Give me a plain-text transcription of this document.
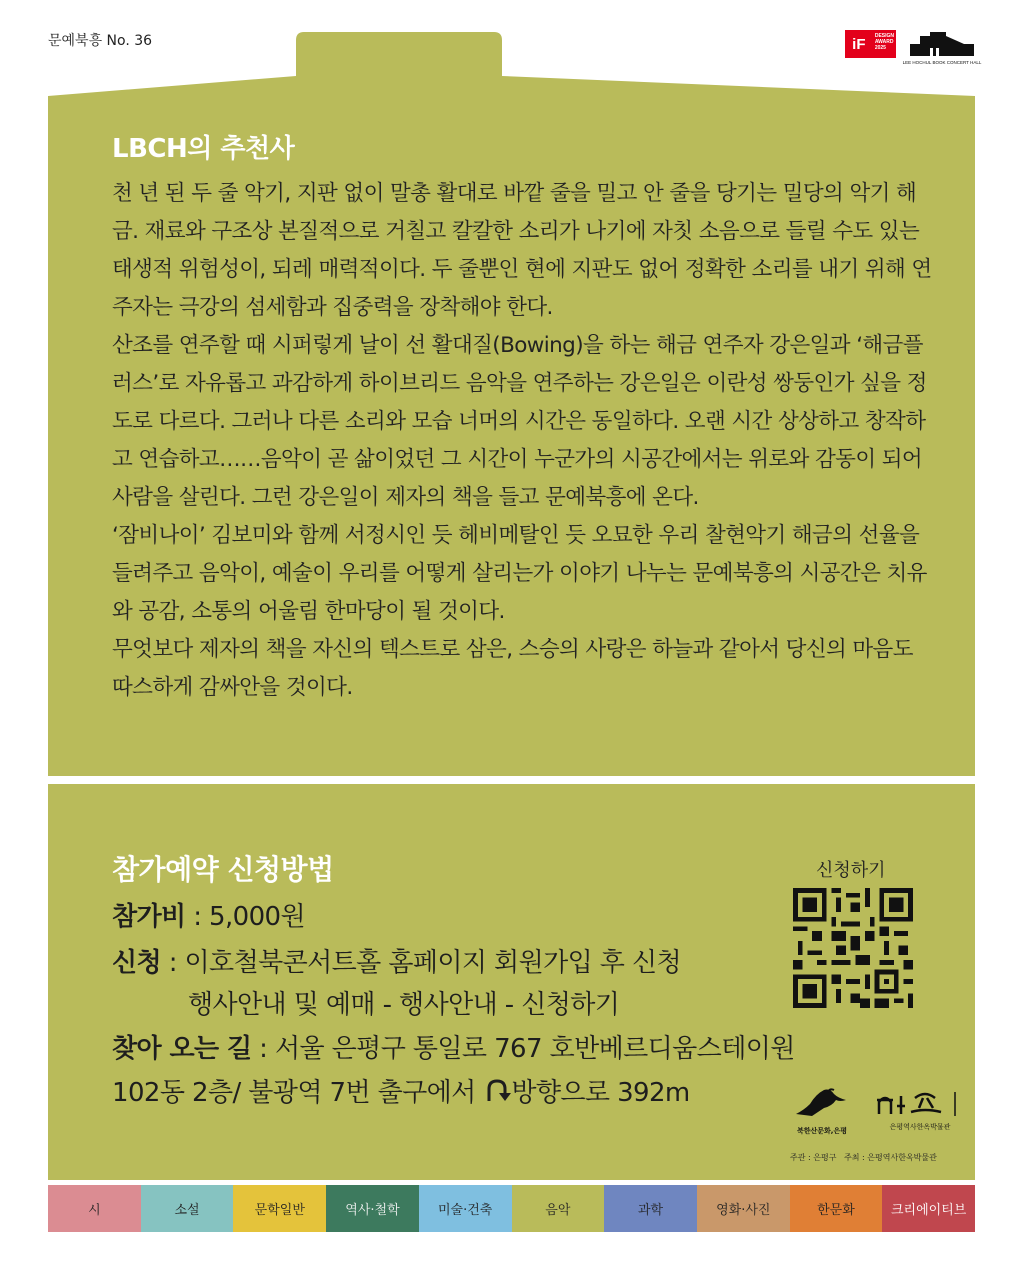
문예북흥 No. 36	iF	DESIGN
AWARD
2025
LEE HOCHUL BOOK CONCERT HALL
LBCH의 추천사

천 년 된 두 줄 악기, 지판 없이 말총 활대로 바깥 줄을 밀고 안 줄을 당기는 밀당의 악기 해금. 재료와 구조상 본질적으로 거칠고 칼칼한 소리가 나기에 자칫 소음으로 들릴 수도 있는 태생적 위험성이, 되레 매력적이다. 두 줄뿐인 현에 지판도 없어 정확한 소리를 내기 위해 연주자는 극강의 섬세함과 집중력을 장착해야 한다.

산조를 연주할 때 시퍼렇게 날이 선 활대질(Bowing)을 하는 해금 연주자 강은일과 ‘해금플러스’로 자유롭고 과감하게 하이브리드 음악을 연주하는 강은일은 이란성 쌍둥인가 싶을 정도로 다르다. 그러나 다른 소리와 모습 너머의 시간은 동일하다. 오랜 시간 상상하고 창작하고 연습하고……음악이 곧 삶이었던 그 시간이 누군가의 시공간에서는 위로와 감동이 되어 사람을 살린다. 그런 강은일이 제자의 책을 들고 문예북흥에 온다.

‘잠비나이’ 김보미와 함께 서정시인 듯 헤비메탈인 듯 오묘한 우리 찰현악기 해금의 선율을 들려주고 음악이, 예술이 우리를 어떻게 살리는가 이야기 나누는 문예북흥의 시공간은 치유와 공감, 소통의 어울림 한마당이 될 것이다.

무엇보다 제자의 책을 자신의 텍스트로 삼은, 스승의 사랑은 하늘과 같아서 당신의 마음도 따스하게 감싸안을 것이다.

참가예약 신청방법
참가비 : 5,000원
신청 : 이호철북콘서트홀 홈페이지 회원가입 후 신청
행사안내 및 예매 - 행사안내 - 신청하기
찾아 오는 길 : 서울 은평구 통일로 767 호반베르디움스테이원
102동 2층/ 불광역 7번 출구에서 방향으로 392m
신청하기
북한산문화,은평	은평역사한옥박물관
주관 : 은평구 주최 : 은평역사한옥박물관
시	소설	문학일반	역사·철학	미술·건축	음악	과학	영화·사진	한문화	크리에이티브
